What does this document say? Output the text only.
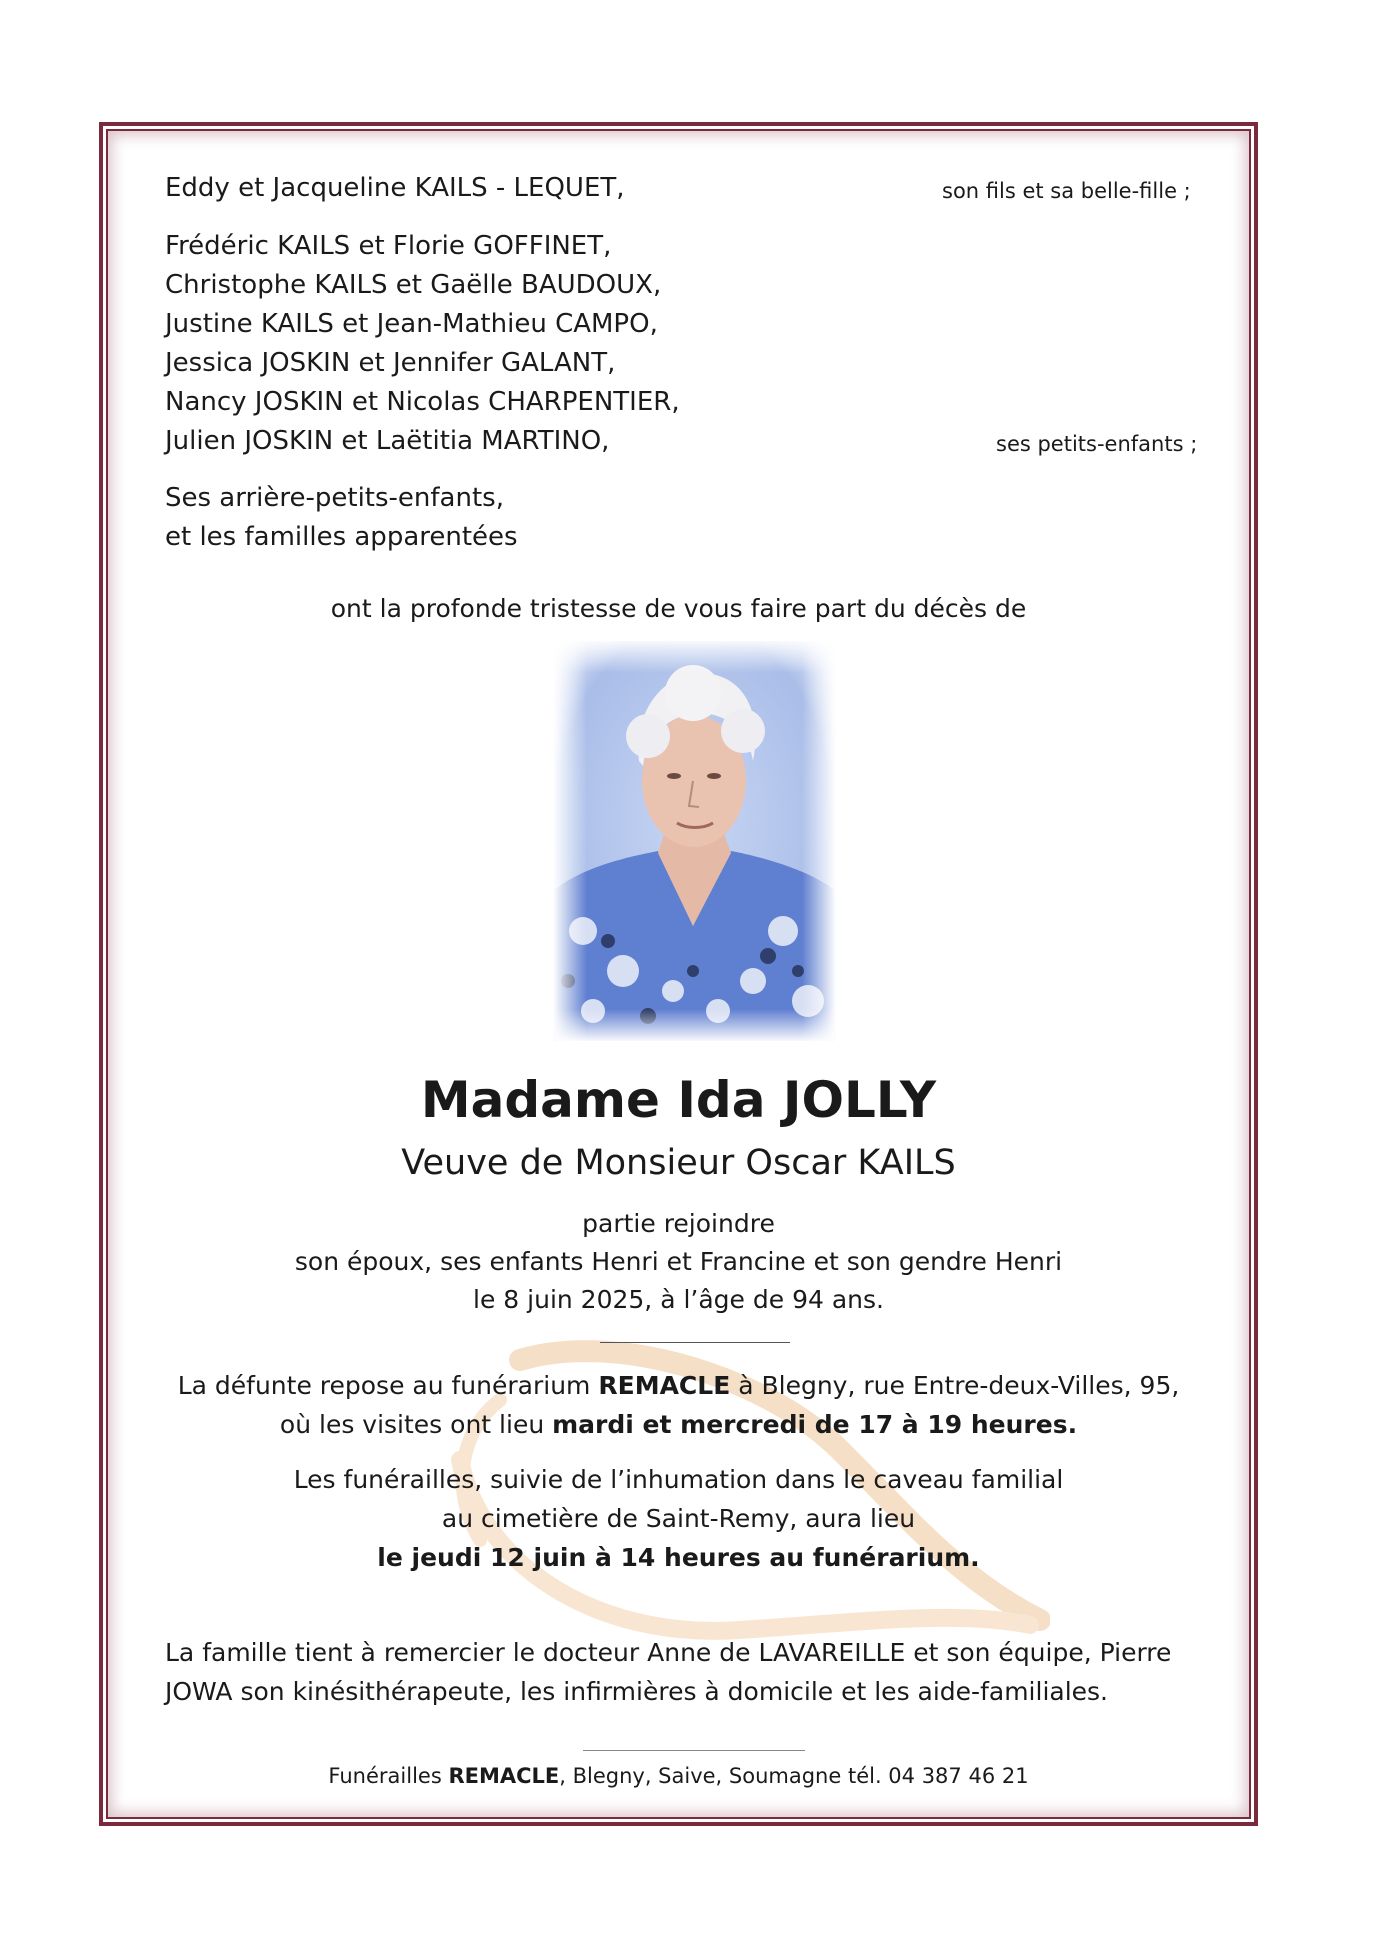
Eddy et Jacqueline KAILS - LEQUET,	son fils et sa belle-fille ;
Frédéric KAILS et Florie GOFFINET,
Christophe KAILS et Gaëlle BAUDOUX,
Justine KAILS et Jean-Mathieu CAMPO,
Jessica JOSKIN et Jennifer GALANT,
Nancy JOSKIN et Nicolas CHARPENTIER,
Julien JOSKIN et Laëtitia MARTINO,	ses petits-enfants ;
Ses arrière-petits-enfants,
et les familles apparentées
ont la profonde tristesse de vous faire part du décès de
Madame Ida JOLLY
Veuve de Monsieur Oscar KAILS
partie rejoindre
son époux, ses enfants Henri et Francine et son gendre Henri
le 8 juin 2025, à l’âge de 94 ans.
La défunte repose au funérarium REMACLE à Blegny, rue Entre-deux-Villes, 95,
où les visites ont lieu mardi et mercredi de 17 à 19 heures.
Les funérailles, suivie de l’inhumation dans le caveau familial
au cimetière de Saint-Remy, aura lieu
le jeudi 12 juin à 14 heures au funérarium.
La famille tient à remercier le docteur Anne de LAVAREILLE et son équipe, Pierre
JOWA son kinésithérapeute, les infirmières à domicile et les aide-familiales.
Funérailles REMACLE, Blegny, Saive, Soumagne tél. 04 387 46 21
